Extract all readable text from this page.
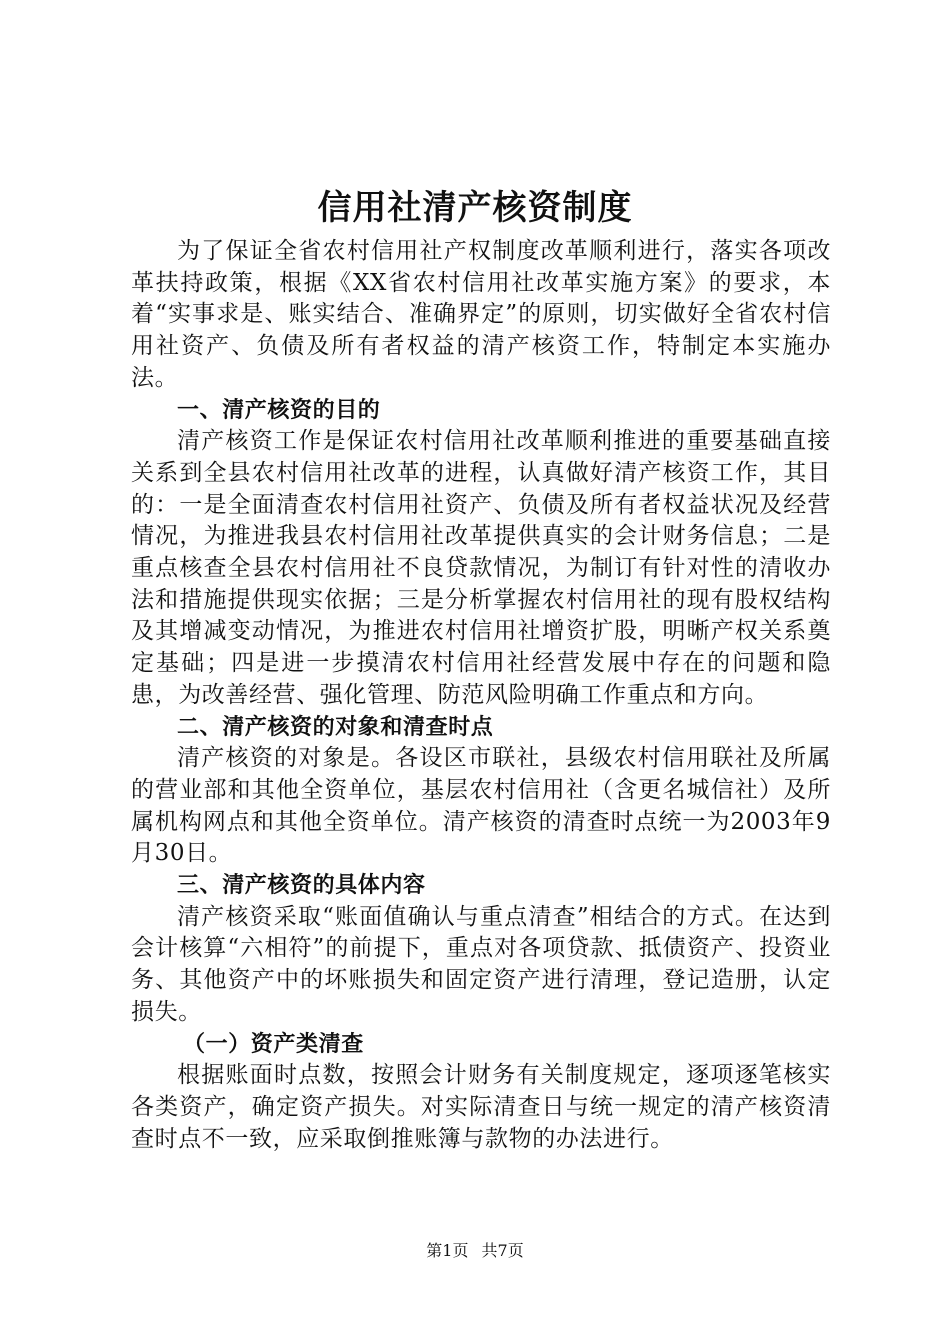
信用社清产核资制度

为了保证全省农村信用社产权制度改革顺利进行，落实各项改革扶持政策，根据《XX省农村信用社改革实施方案》的要求，本着“实事求是、账实结合、准确界定”的原则，切实做好全省农村信用社资产、负债及所有者权益的清产核资工作，特制定本实施办法。

一、清产核资的目的

清产核资工作是保证农村信用社改革顺利推进的重要基础直接关系到全县农村信用社改革的进程，认真做好清产核资工作，其目的：一是全面清查农村信用社资产、负债及所有者权益状况及经营情况，为推进我县农村信用社改革提供真实的会计财务信息；二是重点核查全县农村信用社不良贷款情况，为制订有针对性的清收办法和措施提供现实依据；三是分析掌握农村信用社的现有股权结构及其增减变动情况，为推进农村信用社增资扩股，明晰产权关系奠定基础；四是进一步摸清农村信用社经营发展中存在的问题和隐患，为改善经营、强化管理、防范风险明确工作重点和方向。

二、清产核资的对象和清查时点

清产核资的对象是。各设区市联社，县级农村信用联社及所属的营业部和其他全资单位，基层农村信用社（含更名城信社）及所属机构网点和其他全资单位。清产核资的清查时点统一为2003年9月30日。

三、清产核资的具体内容

清产核资采取“账面值确认与重点清查”相结合的方式。在达到会计核算“六相符”的前提下，重点对各项贷款、抵债资产、投资业务、其他资产中的坏账损失和固定资产进行清理，登记造册，认定损失。

（一）资产类清查

根据账面时点数，按照会计财务有关制度规定，逐项逐笔核实各类资产，确定资产损失。对实际清查日与统一规定的清产核资清查时点不一致，应采取倒推账簿与款物的办法进行。

第1页 共7页
